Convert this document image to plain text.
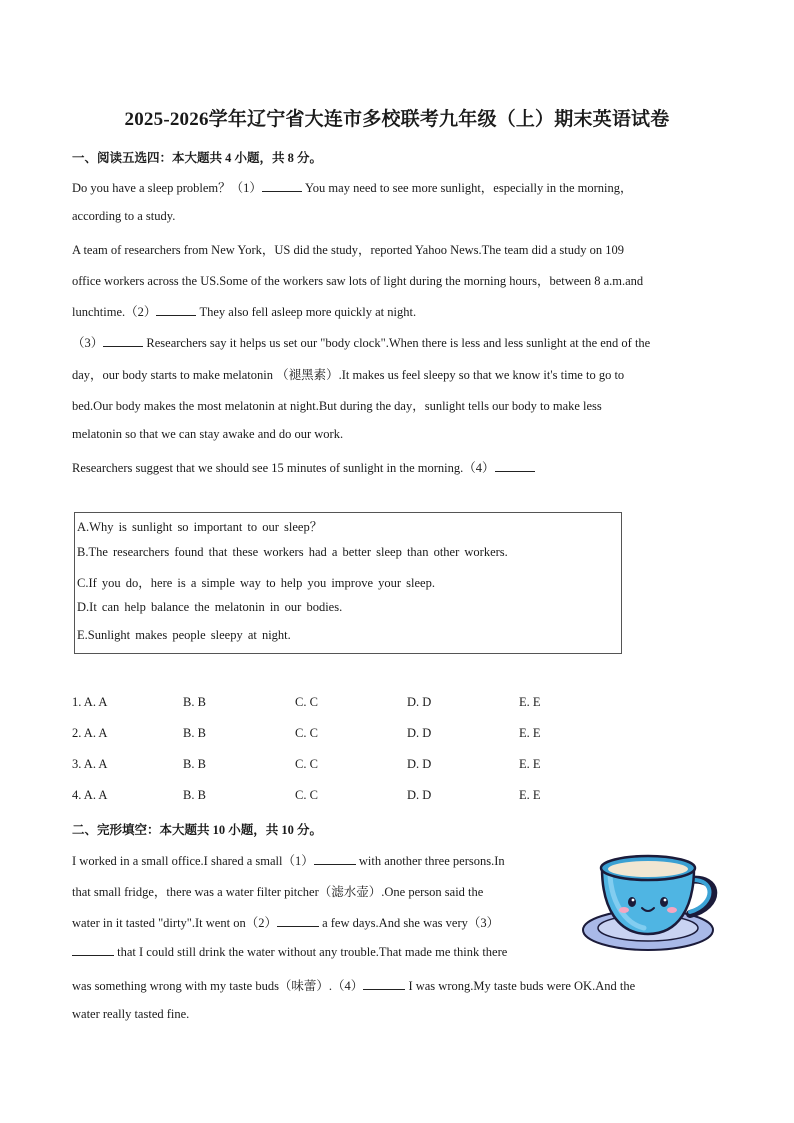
2025-2026学年辽宁省大连市多校联考九年级（上）期末英语试卷
一、阅读五选四：本大题共 4 小题，共 8 分。
Do you have a sleep problem？（1）	You may need to see more sunlight，especially in the morning，
according to a study.
A team of researchers from New York，US did the study，reported Yahoo News.The team did a study on 109
office workers across the US.Some of the workers saw lots of light during the morning hours，between 8 a.m.and
lunchtime.（2）	They also fell asleep more quickly at night.
（3）	Researchers say it helps us set our "body clock".When there is less and less sunlight at the end of the
day，our body starts to make melatonin （褪黑素）.It makes us feel sleepy so that we know it's time to go to
bed.Our body makes the most melatonin at night.But during the day，sunlight tells our body to make less
melatonin so that we can stay awake and do our work.
Researchers suggest that we should see 15 minutes of sunlight in the morning.（4）
A.Why is sunlight so important to our sleep？
B.The researchers found that these workers had a better sleep than other workers.
C.If you do，here is a simple way to help you improve your sleep.
D.It can help balance the melatonin in our bodies.
E.Sunlight makes people sleepy at night.
1. A. A	B. B	C. C	D. D	E. E
2. A. A	B. B	C. C	D. D	E. E
3. A. A	B. B	C. C	D. D	E. E
4. A. A	B. B	C. C	D. D	E. E
二、完形填空：本大题共 10 小题，共 10 分。
I worked in a small office.I shared a small（1）	with another three persons.In
that small fridge，there was a water filter pitcher（滤水壶）.One person said the
water in it tasted "dirty".It went on（2）	a few days.And she was very（3）
that I could still drink the water without any trouble.That made me think there
was something wrong with my taste buds（味蕾）.（4）	I was wrong.My taste buds were OK.And the
water really tasted fine.
